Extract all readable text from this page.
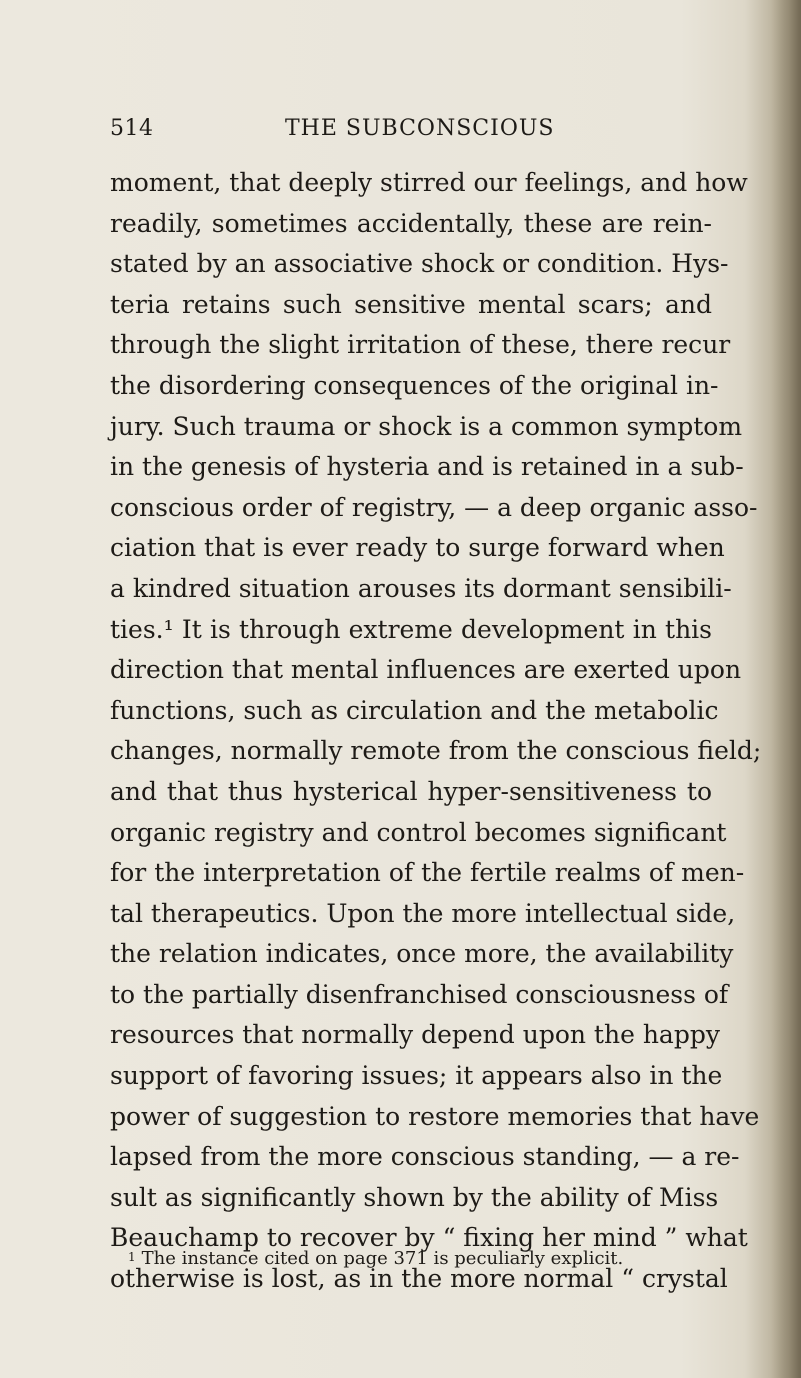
514	THE SUBCONSCIOUS
moment, that deeply stirred our feelings, and how
readily, sometimes accidentally, these are rein-
stated by an associative shock or condition. Hys-
teria retains such sensitive mental scars; and
through the slight irritation of these, there recur
the disordering consequences of the original in-
jury. Such trauma or shock is a common symptom
in the genesis of hysteria and is retained in a sub-
conscious order of registry, — a deep organic asso-
ciation that is ever ready to surge forward when
a kindred situation arouses its dormant sensibili-
ties.¹ It is through extreme development in this
direction that mental influences are exerted upon
functions, such as circulation and the metabolic
changes, normally remote from the conscious field;
and that thus hysterical hyper-sensitiveness to
organic registry and control becomes significant
for the interpretation of the fertile realms of men-
tal therapeutics. Upon the more intellectual side,
the relation indicates, once more, the availability
to the partially disenfranchised consciousness of
resources that normally depend upon the happy
support of favoring issues; it appears also in the
power of suggestion to restore memories that have
lapsed from the more conscious standing, — a re-
sult as significantly shown by the ability of Miss
Beauchamp to recover by “ fixing her mind ” what
otherwise is lost, as in the more normal “ crystal
$^1$ The instance cited on page 371 is peculiarly explicit.
